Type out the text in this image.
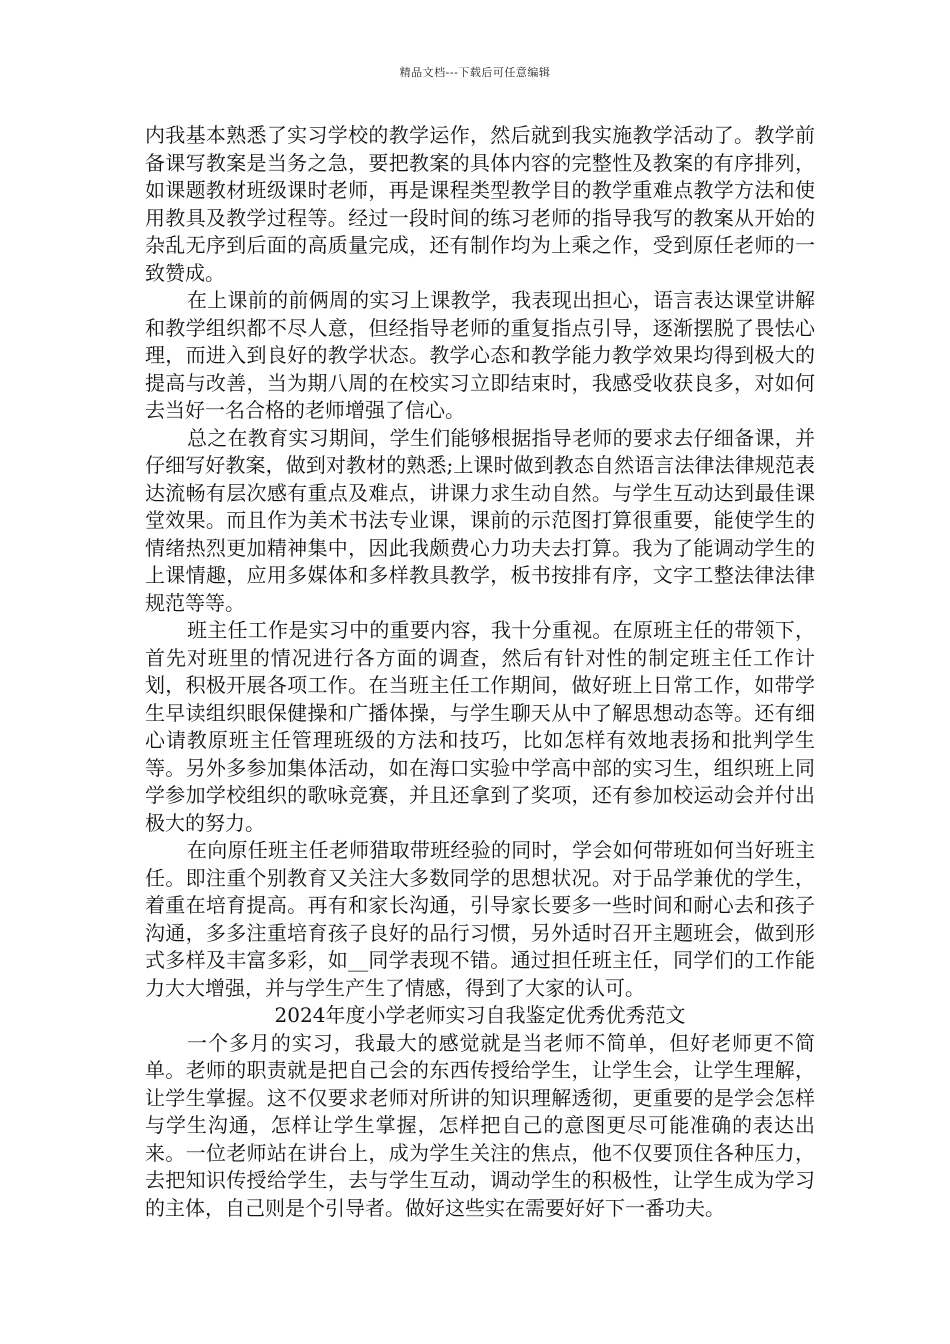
精品文档---下载后可任意编辑

内我基本熟悉了实习学校的教学运作，然后就到我实施教学活动了。教学前备课写教案是当务之急，要把教案的具体内容的完整性及教案的有序排列，如课题教材班级课时老师，再是课程类型教学目的教学重难点教学方法和使用教具及教学过程等。经过一段时间的练习老师的指导我写的教案从开始的杂乱无序到后面的高质量完成，还有制作均为上乘之作，受到原任老师的一致赞成。

在上课前的前俩周的实习上课教学，我表现出担心，语言表达课堂讲解和教学组织都不尽人意，但经指导老师的重复指点引导，逐渐摆脱了畏怯心理，而进入到良好的教学状态。教学心态和教学能力教学效果均得到极大的提高与改善，当为期八周的在校实习立即结束时，我感受收获良多，对如何去当好一名合格的老师增强了信心。

总之在教育实习期间，学生们能够根据指导老师的要求去仔细备课，并仔细写好教案，做到对教材的熟悉;上课时做到教态自然语言法律法律规范表达流畅有层次感有重点及难点，讲课力求生动自然。与学生互动达到最佳课堂效果。而且作为美术书法专业课，课前的示范图打算很重要，能使学生的情绪热烈更加精神集中，因此我颇费心力功夫去打算。我为了能调动学生的上课情趣，应用多媒体和多样教具教学，板书按排有序，文字工整法律法律规范等等。

班主任工作是实习中的重要内容，我十分重视。在原班主任的带领下，首先对班里的情况进行各方面的调查，然后有针对性的制定班主任工作计划，积极开展各项工作。在当班主任工作期间，做好班上日常工作，如带学生早读组织眼保健操和广播体操，与学生聊天从中了解思想动态等。还有细心请教原班主任管理班级的方法和技巧，比如怎样有效地表扬和批判学生等。另外多参加集体活动，如在海口实验中学高中部的实习生，组织班上同学参加学校组织的歌咏竞赛，并且还拿到了奖项，还有参加校运动会并付出极大的努力。

在向原任班主任老师猎取带班经验的同时，学会如何带班如何当好班主任。即注重个别教育又关注大多数同学的思想状况。对于品学兼优的学生，着重在培育提高。再有和家长沟通，引导家长要多一些时间和耐心去和孩子沟通，多多注重培育孩子良好的品行习惯，另外适时召开主题班会，做到形式多样及丰富多彩，如__同学表现不错。通过担任班主任，同学们的工作能力大大增强，并与学生产生了情感，得到了大家的认可。

2024年度小学老师实习自我鉴定优秀优秀范文

一个多月的实习，我最大的感觉就是当老师不简单，但好老师更不简单。老师的职责就是把自己会的东西传授给学生，让学生会，让学生理解，让学生掌握。这不仅要求老师对所讲的知识理解透彻，更重要的是学会怎样与学生沟通，怎样让学生掌握，怎样把自己的意图更尽可能准确的表达出来。一位老师站在讲台上，成为学生关注的焦点，他不仅要顶住各种压力，去把知识传授给学生，去与学生互动，调动学生的积极性，让学生成为学习的主体，自己则是个引导者。做好这些实在需要好好下一番功夫。
